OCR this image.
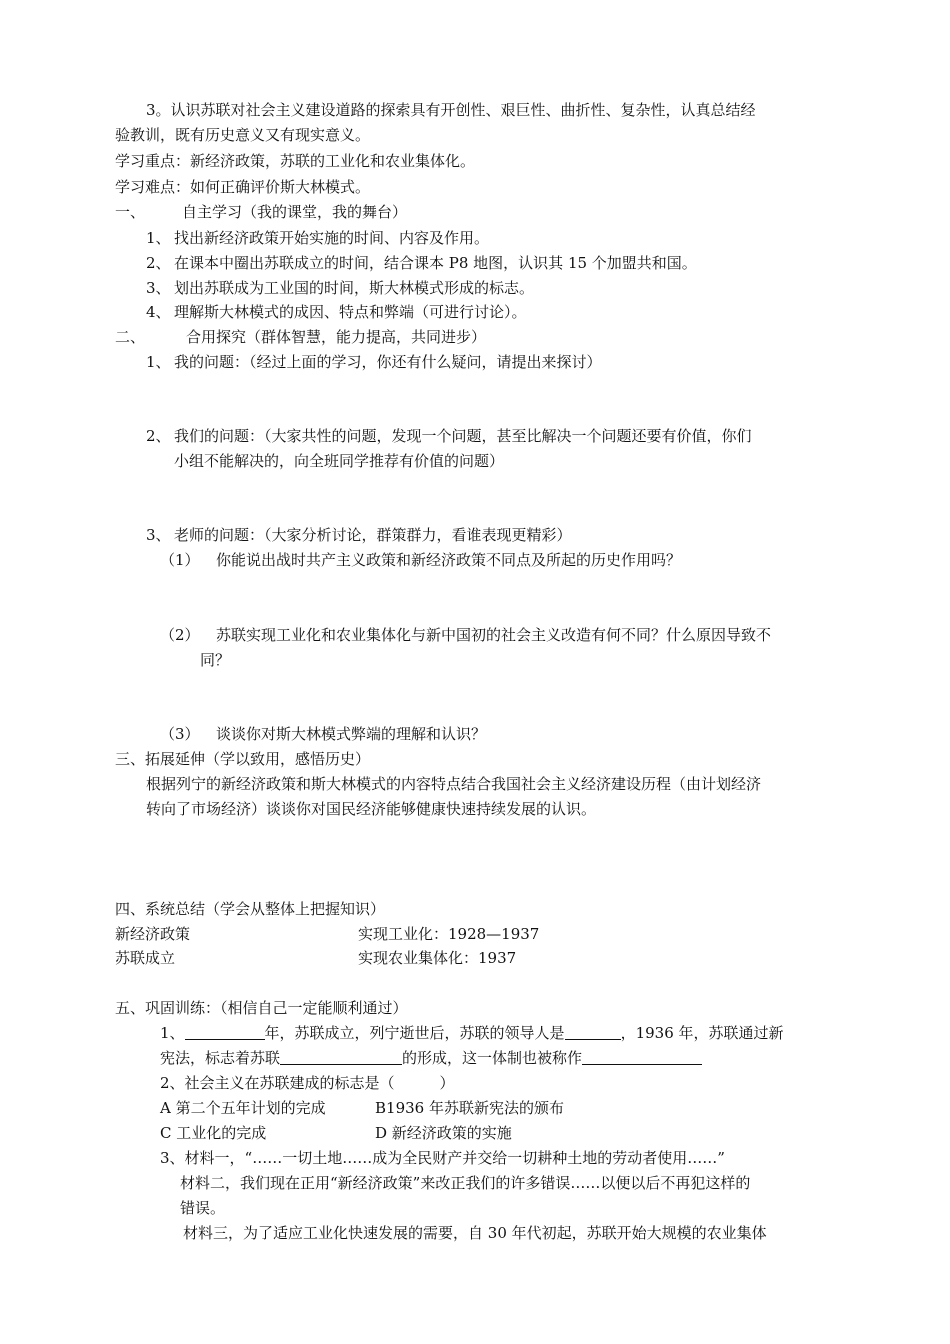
3。认识苏联对社会主义建设道路的探索具有开创性、艰巨性、曲折性、复杂性，认真总结经
验教训，既有历史意义又有现实意义。
学习重点：新经济政策，苏联的工业化和农业集体化。
学习难点：如何正确评价斯大林模式。
一、 自主学习（我的课堂，我的舞台）
1、 找出新经济政策开始实施的时间、内容及作用。
2、 在课本中圈出苏联成立的时间，结合课本 P8 地图，认识其 15 个加盟共和国。
3、 划出苏联成为工业国的时间，斯大林模式形成的标志。
4、 理解斯大林模式的成因、特点和弊端（可进行讨论）。
二、	合用探究（群体智慧，能力提高，共同进步）
1、 我的问题：（经过上面的学习，你还有什么疑问，请提出来探讨）
2、 我们的问题：（大家共性的问题，发现一个问题，甚至比解决一个问题还要有价值，你们
小组不能解决的，向全班同学推荐有价值的问题）
3、 老师的问题：（大家分析讨论，群策群力，看谁表现更精彩）
（1） 你能说出战时共产主义政策和新经济政策不同点及所起的历史作用吗？
（2） 苏联实现工业化和农业集体化与新中国初的社会主义改造有何不同？什么原因导致不
同？
（3） 谈谈你对斯大林模式弊端的理解和认识？
三、拓展延伸（学以致用，感悟历史）
根据列宁的新经济政策和斯大林模式的内容特点结合我国社会主义经济建设历程（由计划经济
转向了市场经济）谈谈你对国民经济能够健康快速持续发展的认识。
四、系统总结（学会从整体上把握知识）
新经济政策	实现工业化：1928—1937
苏联成立	实现农业集体化：1937
五、巩固训练：（相信自己一定能顺利通过）
1、	年，苏联成立，列宁逝世后，苏联的领导人是	，1936 年，苏联通过新
宪法，标志着苏联	的形成，这一体制也被称作
2、社会主义在苏联建成的标志是（　　　）
A 第二个五年计划的完成	B1936 年苏联新宪法的颁布
C 工业化的完成	D 新经济政策的实施
3、材料一，“……一切土地……成为全民财产并交给一切耕种土地的劳动者使用……”
材料二，我们现在正用“新经济政策”来改正我们的许多错误……以便以后不再犯这样的
错误。
材料三，为了适应工业化快速发展的需要，自 30 年代初起，苏联开始大规模的农业集体
